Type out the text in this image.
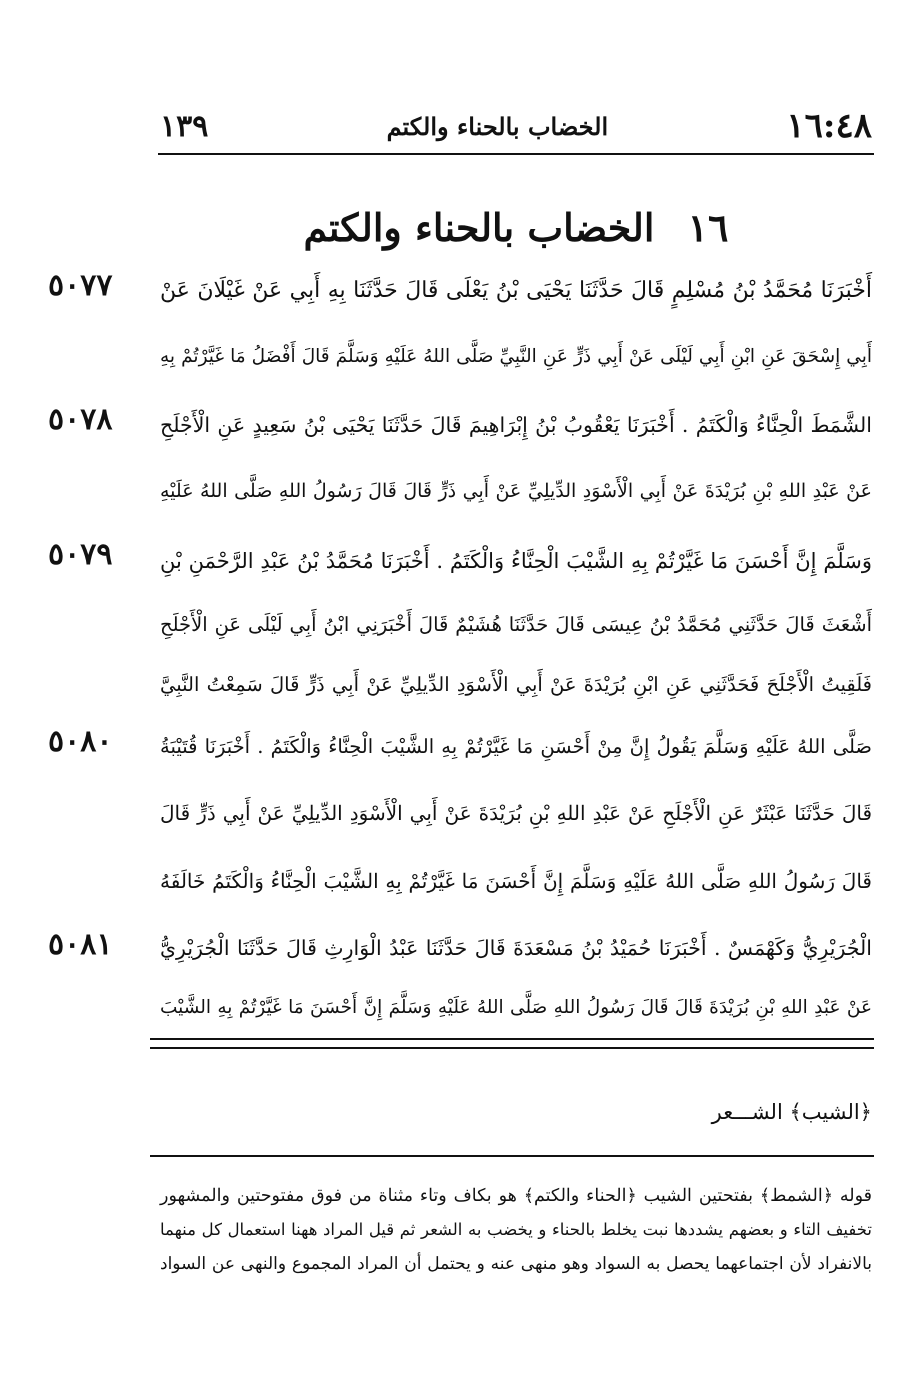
١٦:٤٨
الخضاب بالحناء والكتم
١٣٩
١٦ الخضاب بالحناء والكتم
٥٠٧٧
٥٠٧٨
٥٠٧٩
٥٠٨٠
٥٠٨١
أَخْبَرَنَا مُحَمَّدُ بْنُ مُسْلِمٍ قَالَ حَدَّثَنَا يَحْيَى بْنُ يَعْلَى قَالَ حَدَّثَنَا بِهِ أَبِي عَنْ غَيْلَانَ عَنْ
أَبِي إِسْحَقَ عَنِ ابْنِ أَبِي لَيْلَى عَنْ أَبِي ذَرٍّ عَنِ النَّبِيِّ صَلَّى اللهُ عَلَيْهِ وَسَلَّمَ قَالَ أَفْضَلُ مَا غَيَّرْتُمْ بِهِ
الشَّمَطَ الْحِنَّاءُ وَالْكَتَمُ . أَخْبَرَنَا يَعْقُوبُ بْنُ إِبْرَاهِيمَ قَالَ حَدَّثَنَا يَحْيَى بْنُ سَعِيدٍ عَنِ الْأَجْلَحِ
عَنْ عَبْدِ اللهِ بْنِ بُرَيْدَةَ عَنْ أَبِي الْأَسْوَدِ الدِّيلِيِّ عَنْ أَبِي ذَرٍّ قَالَ قَالَ رَسُولُ اللهِ صَلَّى اللهُ عَلَيْهِ
وَسَلَّمَ إِنَّ أَحْسَنَ مَا غَيَّرْتُمْ بِهِ الشَّيْبَ الْحِنَّاءُ وَالْكَتَمُ . أَخْبَرَنَا مُحَمَّدُ بْنُ عَبْدِ الرَّحْمَنِ بْنِ
أَشْعَثَ قَالَ حَدَّثَنِي مُحَمَّدُ بْنُ عِيسَى قَالَ حَدَّثَنَا هُشَيْمٌ قَالَ أَخْبَرَنِي ابْنُ أَبِي لَيْلَى عَنِ الْأَجْلَحِ
فَلَقِيتُ الْأَجْلَحَ فَحَدَّثَنِي عَنِ ابْنِ بُرَيْدَةَ عَنْ أَبِي الْأَسْوَدِ الدِّيلِيِّ عَنْ أَبِي ذَرٍّ قَالَ سَمِعْتُ النَّبِيَّ
صَلَّى اللهُ عَلَيْهِ وَسَلَّمَ يَقُولُ إِنَّ مِنْ أَحْسَنِ مَا غَيَّرْتُمْ بِهِ الشَّيْبَ الْحِنَّاءُ وَالْكَتَمُ . أَخْبَرَنَا قُتَيْبَةُ
قَالَ حَدَّثَنَا عَبْثَرٌ عَنِ الْأَجْلَحِ عَنْ عَبْدِ اللهِ بْنِ بُرَيْدَةَ عَنْ أَبِي الْأَسْوَدِ الدِّيلِيِّ عَنْ أَبِي ذَرٍّ قَالَ
قَالَ رَسُولُ اللهِ صَلَّى اللهُ عَلَيْهِ وَسَلَّمَ إِنَّ أَحْسَنَ مَا غَيَّرْتُمْ بِهِ الشَّيْبَ الْحِنَّاءُ وَالْكَتَمُ خَالَفَهُ
الْجُرَيْرِيُّ وَكَهْمَسٌ . أَخْبَرَنَا حُمَيْدُ بْنُ مَسْعَدَةَ قَالَ حَدَّثَنَا عَبْدُ الْوَارِثِ قَالَ حَدَّثَنَا الْجُرَيْرِيُّ
عَنْ عَبْدِ اللهِ بْنِ بُرَيْدَةَ قَالَ قَالَ رَسُولُ اللهِ صَلَّى اللهُ عَلَيْهِ وَسَلَّمَ إِنَّ أَحْسَنَ مَا غَيَّرْتُمْ بِهِ الشَّيْبَ
﴿الشيب﴾ الشـــعر
قوله ﴿الشمط﴾ بفتحتين الشيب ﴿الحناء والكتم﴾ هو بكاف وتاء مثناة من فوق مفتوحتين والمشهور
تخفيف التاء و بعضهم يشددها نبت يخلط بالحناء و يخضب به الشعر ثم قيل المراد ههنا استعمال كل منهما
بالانفراد لأن اجتماعهما يحصل به السواد وهو منهى عنه و يحتمل أن المراد المجموع والنهى عن السواد
